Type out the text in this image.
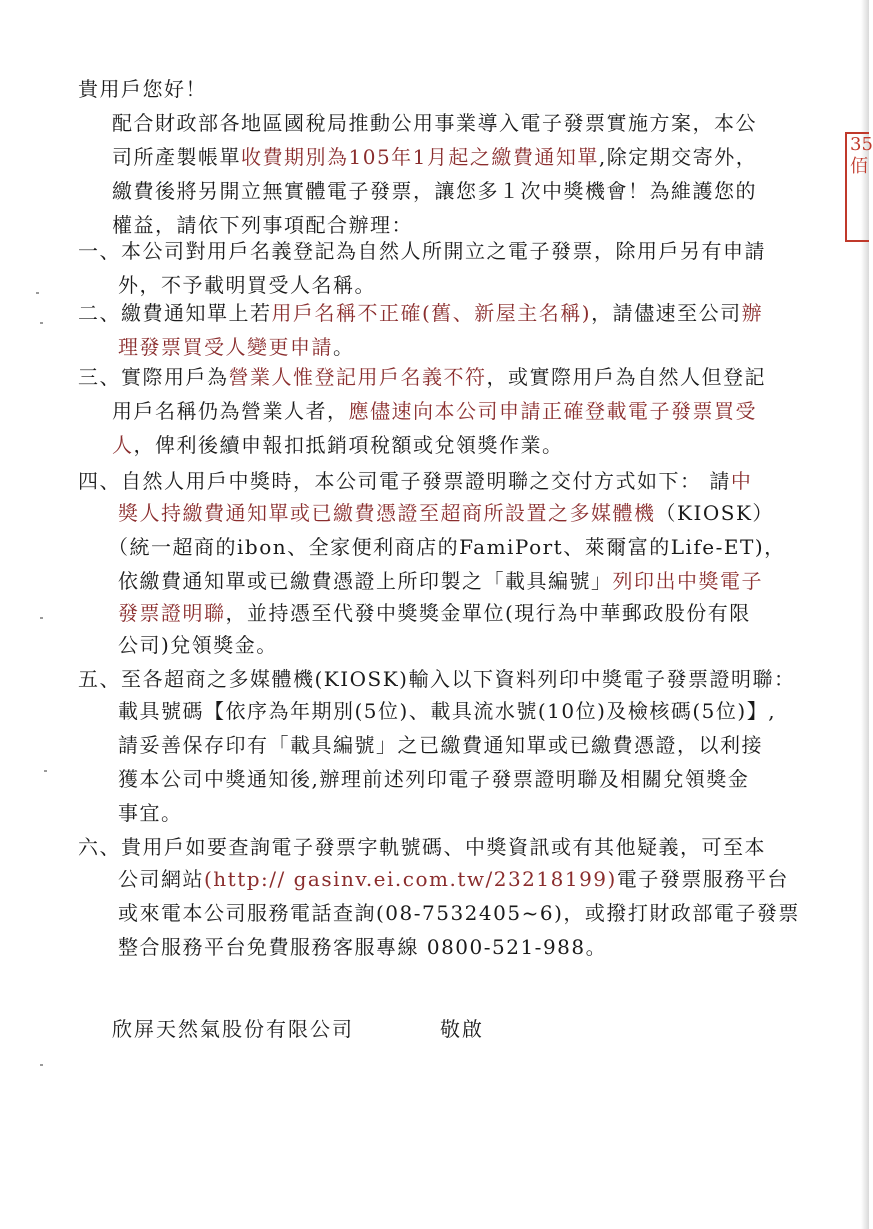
35
佰
貴用戶您好！
配合財政部各地區國稅局推動公用事業導入電子發票實施方案，本公
司所產製帳單收費期別為105年1月起之繳費通知單,除定期交寄外，
繳費後將另開立無實體電子發票，讓您多１次中獎機會！為維護您的
權益，請依下列事項配合辦理：
一、本公司對用戶名義登記為自然人所開立之電子發票，除用戶另有申請
外，不予載明買受人名稱。
二、繳費通知單上若用戶名稱不正確(舊、新屋主名稱)，請儘速至公司辦
理發票買受人變更申請。
三、實際用戶為營業人惟登記用戶名義不符，或實際用戶為自然人但登記
用戶名稱仍為營業人者，應儘速向本公司申請正確登載電子發票買受
人，俾利後續申報扣抵銷項稅額或兌領獎作業。
四、自然人用戶中獎時，本公司電子發票證明聯之交付方式如下： 請中
獎人持繳費通知單或已繳費憑證至超商所設置之多媒體機（KIOSK）
（統一超商的ibon、全家便利商店的FamiPort、萊爾富的Life-ET)，
依繳費通知單或已繳費憑證上所印製之「載具編號」列印出中獎電子
發票證明聯，並持憑至代發中獎獎金單位(現行為中華郵政股份有限
公司)兌領獎金。
五、至各超商之多媒體機(KIOSK)輸入以下資料列印中獎電子發票證明聯：
載具號碼【依序為年期別(5位)、載具流水號(10位)及檢核碼(5位)】,
請妥善保存印有「載具編號」之已繳費通知單或已繳費憑證，以利接
獲本公司中獎通知後,辦理前述列印電子發票證明聯及相關兌領獎金
事宜。
六、貴用戶如要查詢電子發票字軌號碼、中獎資訊或有其他疑義，可至本
公司網站(http:// gasinv.ei.com.tw/23218199)電子發票服務平台
或來電本公司服務電話查詢(08-7532405~6)，或撥打財政部電子發票
整合服務平台免費服務客服專線 0800-521-988。
欣屏天然氣股份有限公司	敬啟
